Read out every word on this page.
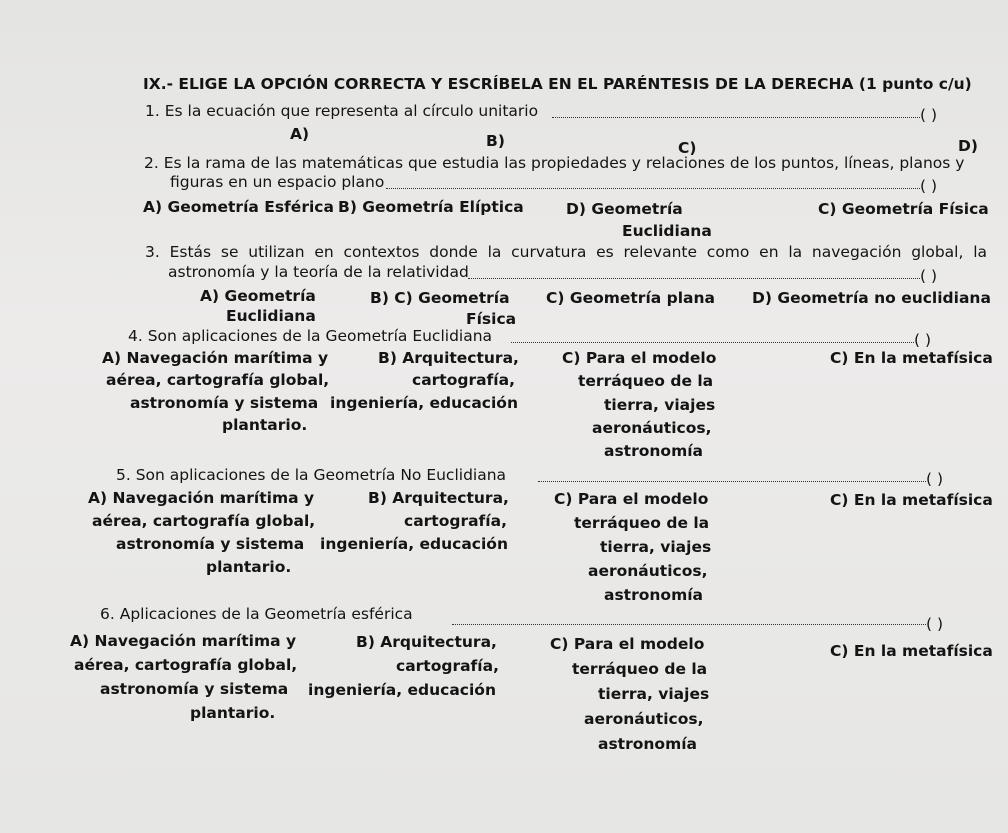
IX.- ELIGE LA OPCIÓN CORRECTA Y ESCRÍBELA EN EL PARÉNTESIS DE LA DERECHA (1 punto c/u)
1. Es la ecuación que representa al círculo unitario	( )
A)	B)	C)	D)
2. Es la rama de las matemáticas que estudia las propiedades y relaciones de los puntos, líneas, planos y
figuras en un espacio plano	( )
A) Geometría Esférica B) Geometría Elíptica	D) Geometría
Euclidiana
C) Geometría Física
3. Estás se utilizan en contextos donde la curvatura es relevante como en la navegación global, la
astronomía y la teoría de la relatividad	( )
A) Geometría
Euclidiana
B) C) Geometría
Física
C) Geometría plana D) Geometría no euclidiana
4. Son aplicaciones de la Geometría Euclidiana	( )
A) Navegación marítima y
aérea, cartografía global,
astronomía y sistema
plantario.
B) Arquitectura,
cartografía,
ingeniería, educación
C) Para el modelo
terráqueo de la
tierra, viajes
aeronáuticos,
astronomía
C) En la metafísica
5. Son aplicaciones de la Geometría No Euclidiana	( )
A) Navegación marítima y
aérea, cartografía global,
astronomía y sistema
plantario.
B) Arquitectura,
cartografía,
ingeniería, educación
C) Para el modelo
terráqueo de la
tierra, viajes
aeronáuticos,
astronomía
C) En la metafísica
6. Aplicaciones de la Geometría esférica
( )
A) Navegación marítima y
aérea, cartografía global,
astronomía y sistema
plantario.
B) Arquitectura,
cartografía,
ingeniería, educación
C) Para el modelo
terráqueo de la
tierra, viajes
aeronáuticos,
astronomía
C) En la metafísica
